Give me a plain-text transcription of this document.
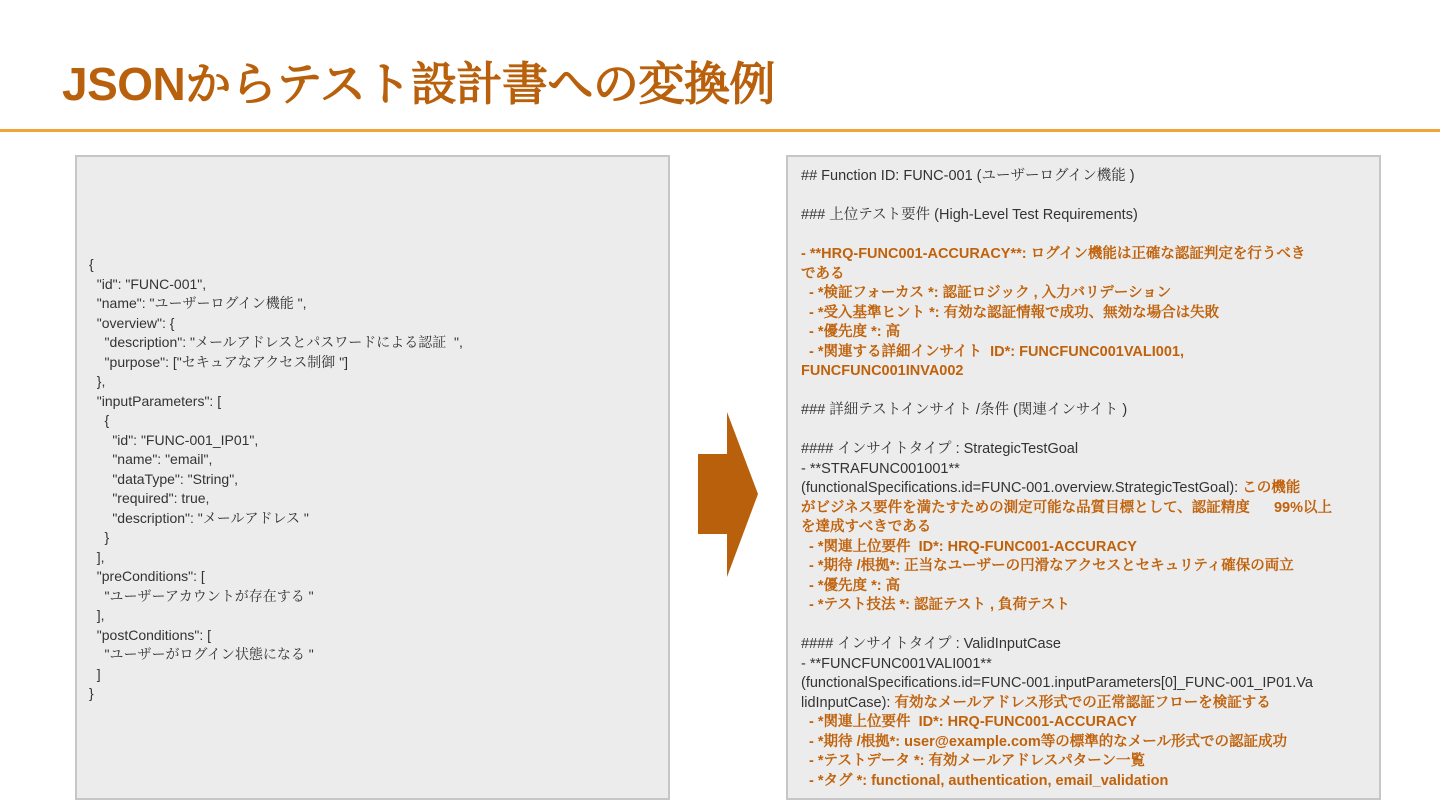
JSONからテスト設計書への変換例
{
"id": "FUNC-001",
"name": "ユーザーログイン機能 ",
"overview": {
"description": "メールアドレスとパスワードによる認証  ",
"purpose": ["セキュアなアクセス制御 "]
},
"inputParameters": [
{
"id": "FUNC-001_IP01",
"name": "email",
"dataType": "String",
"required": true,
"description": "メールアドレス "
}
],
"preConditions": [
"ユーザーアカウントが存在する "
],
"postConditions": [
"ユーザーがログイン状態になる "
]
}
## Function ID: FUNC-001 (ユーザーログイン機能 )
### 上位テスト要件 (High-Level Test Requirements)
- **HRQ-FUNC001-ACCURACY**: ログイン機能は正確な認証判定を行うべき
である
- *検証フォーカス *: 認証ロジック , 入力バリデーション
- *受入基準ヒント *: 有効な認証情報で成功、無効な場合は失敗
- *優先度 *: 高
- *関連する詳細インサイト  ID*: FUNCFUNC001VALI001,
FUNCFUNC001INVA002
### 詳細テストインサイト /条件 (関連インサイト )
#### インサイトタイプ : StrategicTestGoal
- **STRAFUNC001001**
(functionalSpecifications.id=FUNC-001.overview.StrategicTestGoal): この機能
がビジネス要件を満たすための測定可能な品質目標として、認証精度      99%以上
を達成すべきである
- *関連上位要件  ID*: HRQ-FUNC001-ACCURACY
- *期待 /根拠*: 正当なユーザーの円滑なアクセスとセキュリティ確保の両立
- *優先度 *: 高
- *テスト技法 *: 認証テスト , 負荷テスト
#### インサイトタイプ : ValidInputCase
- **FUNCFUNC001VALI001**
(functionalSpecifications.id=FUNC-001.inputParameters[0]_FUNC-001_IP01.Va
lidInputCase): 有効なメールアドレス形式での正常認証フローを検証する
- *関連上位要件  ID*: HRQ-FUNC001-ACCURACY
- *期待 /根拠*: user@example.com等の標準的なメール形式での認証成功
- *テストデータ *: 有効メールアドレスパターン一覧
- *タグ *: functional, authentication, email_validation
